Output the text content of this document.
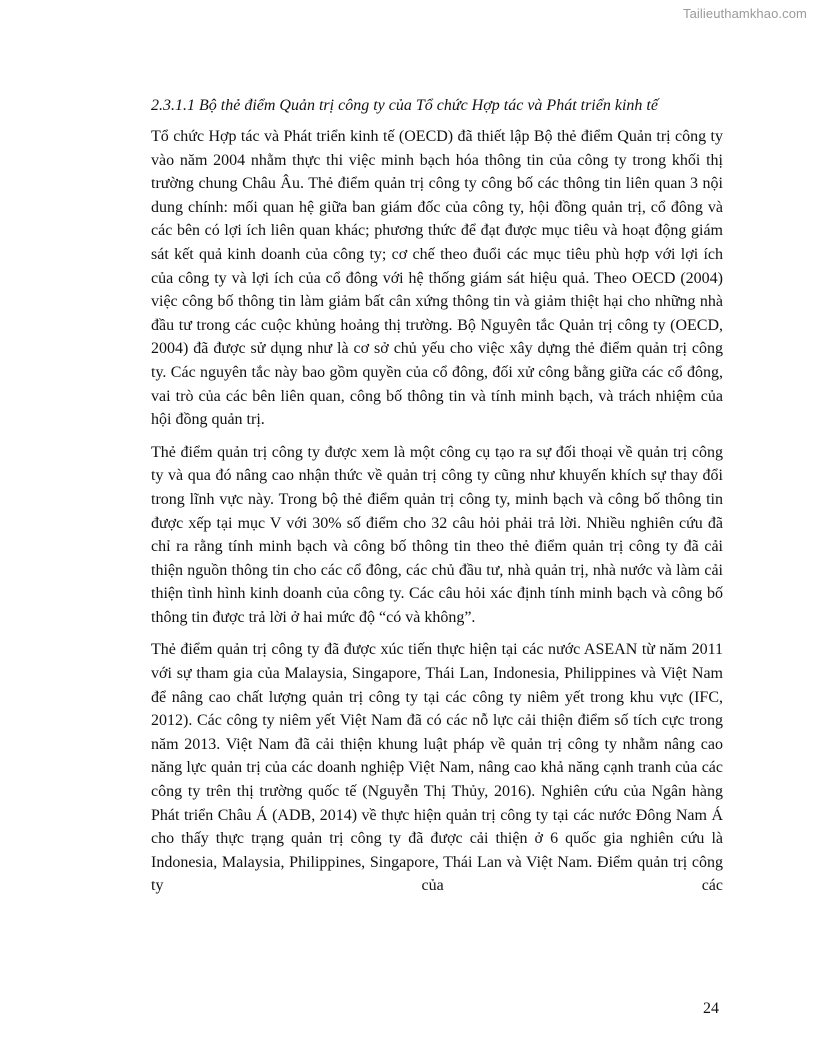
Tailieuthamkhao.com
2.3.1.1 Bộ thẻ điểm Quản trị công ty của Tổ chức Hợp tác và Phát triển kinh tế

Tổ chức Hợp tác và Phát triển kinh tế (OECD) đã thiết lập Bộ thẻ điểm Quản trị công ty vào năm 2004 nhằm thực thi việc minh bạch hóa thông tin của công ty trong khối thị trường chung Châu Âu. Thẻ điểm quản trị công ty công bố các thông tin liên quan 3 nội dung chính: mối quan hệ giữa ban giám đốc của công ty, hội đồng quản trị, cổ đông và các bên có lợi ích liên quan khác; phương thức để đạt được mục tiêu và hoạt động giám sát kết quả kinh doanh của công ty; cơ chế theo đuổi các mục tiêu phù hợp với lợi ích của công ty và lợi ích của cổ đông với hệ thống giám sát hiệu quả. Theo OECD (2004) việc công bố thông tin làm giảm bất cân xứng thông tin và giảm thiệt hại cho những nhà đầu tư trong các cuộc khủng hoảng thị trường. Bộ Nguyên tắc Quản trị công ty (OECD, 2004) đã được sử dụng như là cơ sở chủ yếu cho việc xây dựng thẻ điểm quản trị công ty. Các nguyên tắc này bao gồm quyền của cổ đông, đối xử công bằng giữa các cổ đông, vai trò của các bên liên quan, công bố thông tin và tính minh bạch, và trách nhiệm của hội đồng quản trị.

Thẻ điểm quản trị công ty được xem là một công cụ tạo ra sự đối thoại về quản trị công ty và qua đó nâng cao nhận thức về quản trị công ty cũng như khuyến khích sự thay đổi trong lĩnh vực này. Trong bộ thẻ điểm quản trị công ty, minh bạch và công bố thông tin được xếp tại mục V với 30% số điểm cho 32 câu hỏi phải trả lời. Nhiều nghiên cứu đã chỉ ra rằng tính minh bạch và công bố thông tin theo thẻ điểm quản trị công ty đã cải thiện nguồn thông tin cho các cổ đông, các chủ đầu tư, nhà quản trị, nhà nước và làm cải thiện tình hình kinh doanh của công ty. Các câu hỏi xác định tính minh bạch và công bố thông tin được trả lời ở hai mức độ “có và không”.

Thẻ điểm quản trị công ty đã được xúc tiến thực hiện tại các nước ASEAN từ năm 2011 với sự tham gia của Malaysia, Singapore, Thái Lan, Indonesia, Philippines và Việt Nam để nâng cao chất lượng quản trị công ty tại các công ty niêm yết trong khu vực (IFC, 2012). Các công ty niêm yết Việt Nam đã có các nỗ lực cải thiện điểm số tích cực trong năm 2013. Việt Nam đã cải thiện khung luật pháp về quản trị công ty nhằm nâng cao năng lực quản trị của các doanh nghiệp Việt Nam, nâng cao khả năng cạnh tranh của các công ty trên thị trường quốc tế (Nguyễn Thị Thủy, 2016). Nghiên cứu của Ngân hàng Phát triển Châu Á (ADB, 2014) về thực hiện quản trị công ty tại các nước Đông Nam Á cho thấy thực trạng quản trị công ty đã được cải thiện ở 6 quốc gia nghiên cứu là Indonesia, Malaysia, Philippines, Singapore, Thái Lan và Việt Nam. Điểm quản trị công ty của các

24
